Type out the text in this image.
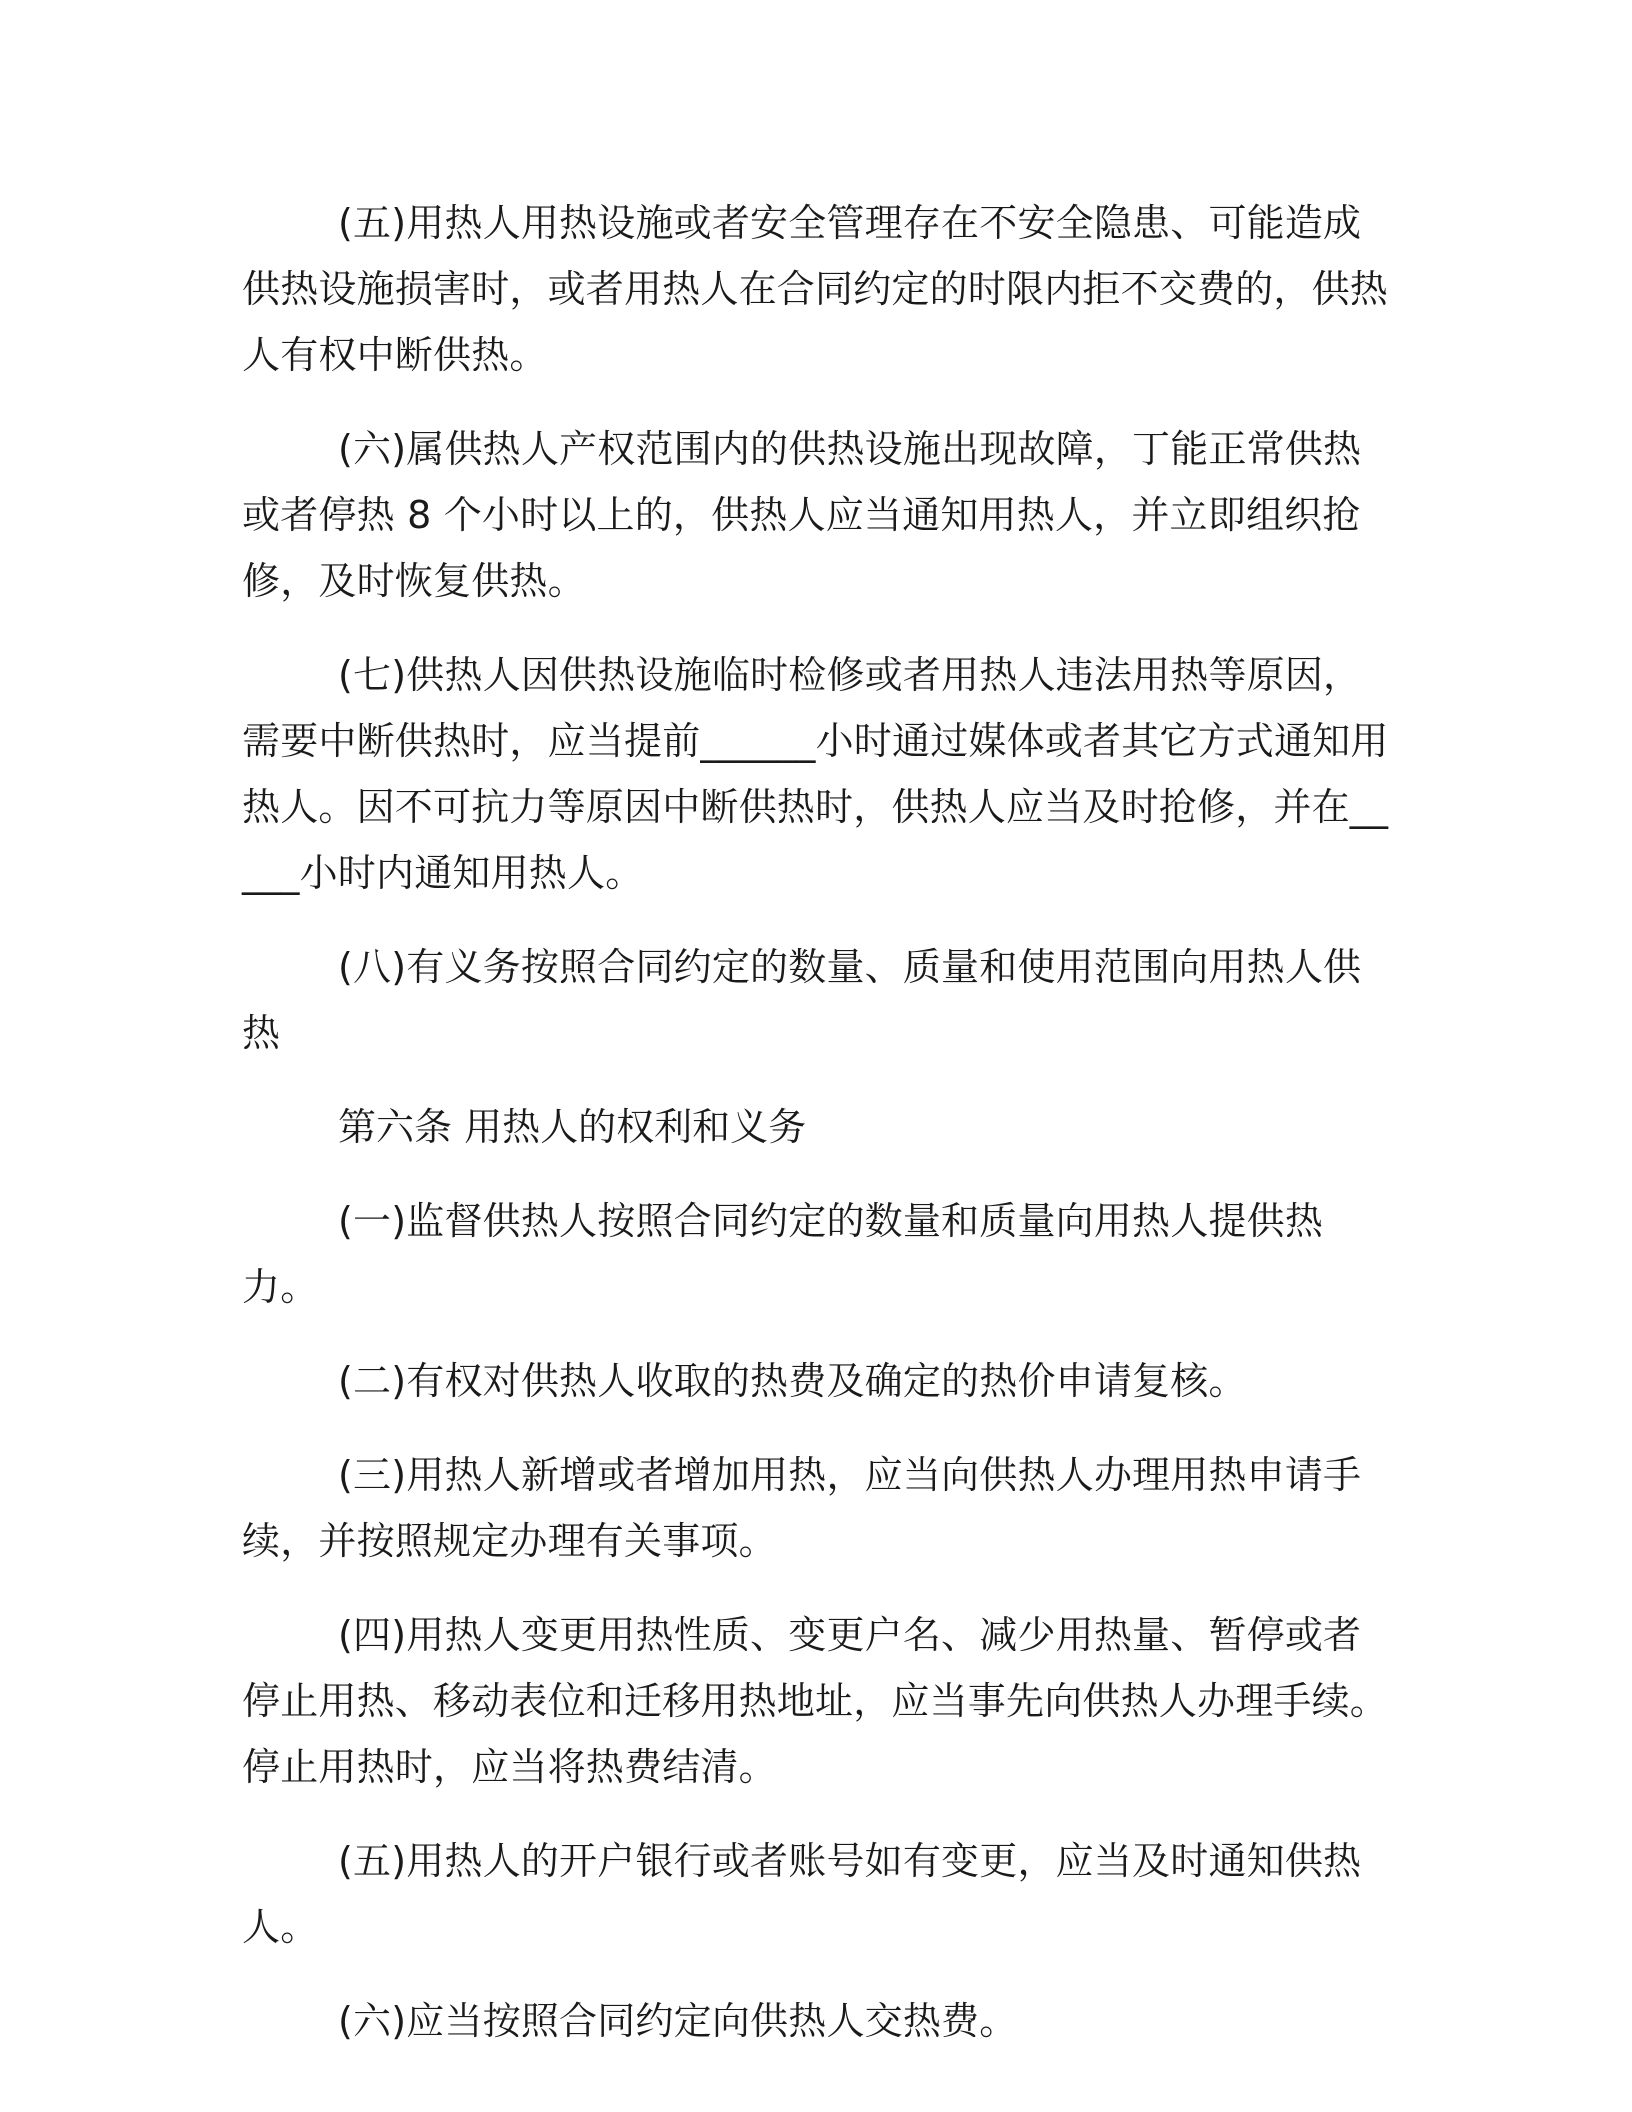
(五)用热人用热设施或者安全管理存在不安全隐患、可能造成供热设施损害时，或者用热人在合同约定的时限内拒不交费的，供热人有权中断供热。

(六)属供热人产权范围内的供热设施出现故障，丁能正常供热或者停热 8 个小时以上的，供热人应当通知用热人，并立即组织抢修，及时恢复供热。

(七)供热人因供热设施临时检修或者用热人违法用热等原因，需要中断供热时，应当提前______小时通过媒体或者其它方式通知用热人。因不可抗力等原因中断供热时，供热人应当及时抢修，并在_____小时内通知用热人。

(八)有义务按照合同约定的数量、质量和使用范围向用热人供热

第六条 用热人的权利和义务

(一)监督供热人按照合同约定的数量和质量向用热人提供热力。

(二)有权对供热人收取的热费及确定的热价申请复核。

(三)用热人新增或者增加用热，应当向供热人办理用热申请手续，并按照规定办理有关事项。

(四)用热人变更用热性质、变更户名、减少用热量、暂停或者停止用热、移动表位和迁移用热地址，应当事先向供热人办理手续。停止用热时，应当将热费结清。

(五)用热人的开户银行或者账号如有变更，应当及时通知供热人。

(六)应当按照合同约定向供热人交热费。
